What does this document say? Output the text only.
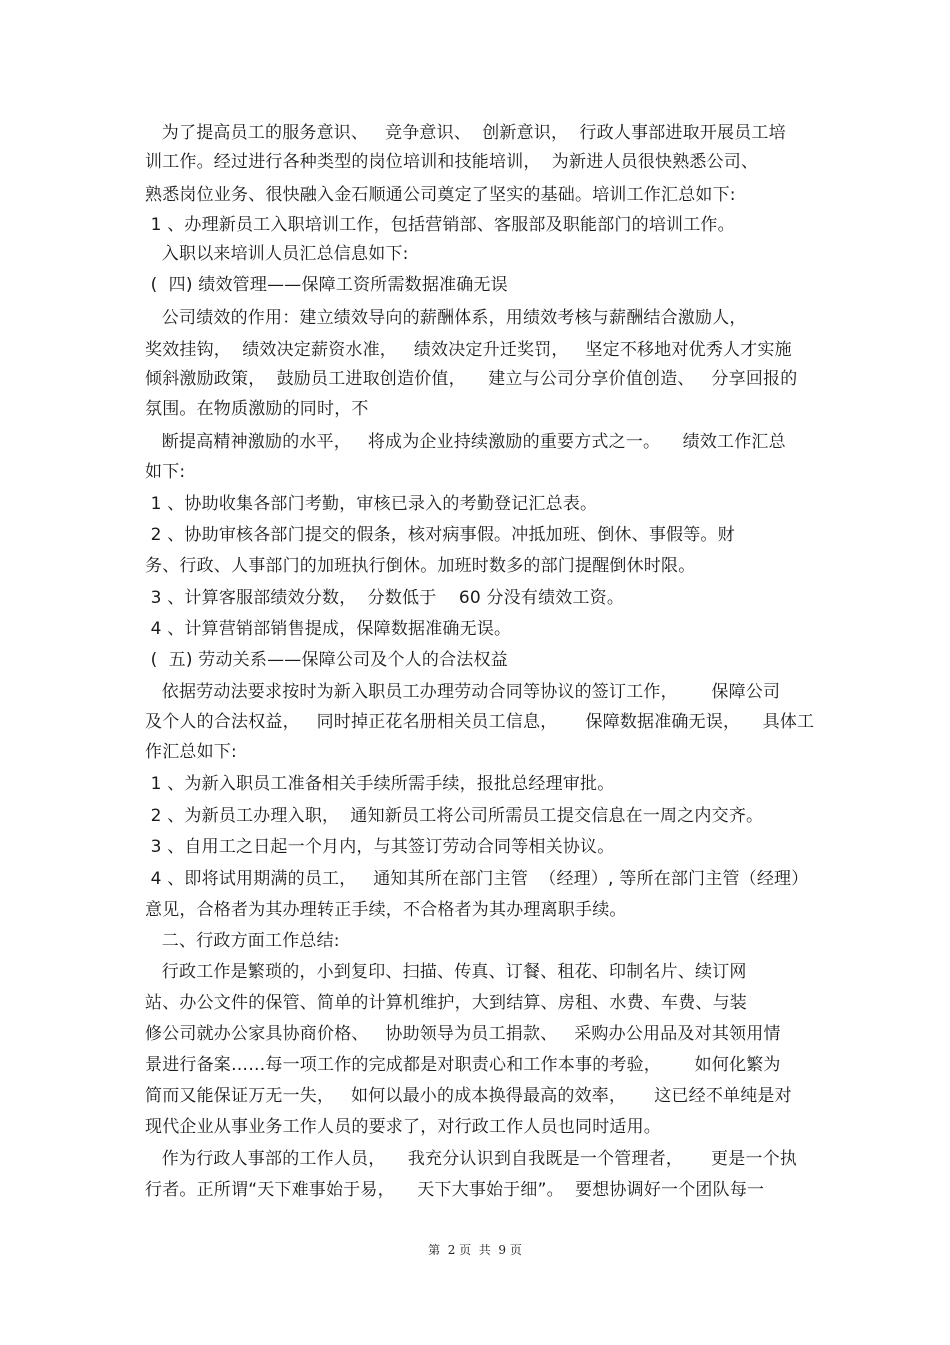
为了提高员工的服务意识、   竞争意识、  创新意识，  行政人事部进取开展员工培
训工作。经过进行各种类型的岗位培训和技能培训，  为新进人员很快熟悉公司、
熟悉岗位业务、很快融入金石顺通公司奠定了坚实的基础。培训工作汇总如下:
1 、办理新员工入职培训工作，包括营销部、客服部及职能部门的培训工作。
入职以来培训人员汇总信息如下:
(  四) 绩效管理——保障工资所需数据准确无误
公司绩效的作用：建立绩效导向的薪酬体系，用绩效考核与薪酬结合激励人，
奖效挂钩，  绩效决定薪资水准，   绩效决定升迁奖罚，   坚定不移地对优秀人才实施
倾斜激励政策，  鼓励员工进取创造价值，    建立与公司分享价值创造、   分享回报的
氛围。在物质激励的同时，不
断提高精神激励的水平，   将成为企业持续激励的重要方式之一。    绩效工作汇总
如下:
1 、协助收集各部门考勤，审核已录入的考勤登记汇总表。
2 、协助审核各部门提交的假条，核对病事假。冲抵加班、倒休、事假等。财
务、行政、人事部门的加班执行倒休。加班时数多的部门提醒倒休时限。
3 、计算客服部绩效分数，  分数低于    60 分没有绩效工资。
4 、计算营销部销售提成，保障数据准确无误。
(  五) 劳动关系——保障公司及个人的合法权益
依据劳动法要求按时为新入职员工办理劳动合同等协议的签订工作，      保障公司
及个人的合法权益，   同时掉正花名册相关员工信息，     保障数据准确无误，    具体工
作汇总如下:
1 、为新入职员工准备相关手续所需手续，报批总经理审批。
2 、为新员工办理入职，  通知新员工将公司所需员工提交信息在一周之内交齐。
3 、自用工之日起一个月内，与其签订劳动合同等相关协议。
4 、即将试用期满的员工，   通知其所在部门主管  （经理）, 等所在部门主管（经理）
意见，合格者为其办理转正手续，不合格者为其办理离职手续。
二、行政方面工作总结:
行政工作是繁琐的，小到复印、扫描、传真、订餐、租花、印制名片、续订网
站、办公文件的保管、简单的计算机维护，大到结算、房租、水费、车费、与装
修公司就办公家具协商价格、   协助领导为员工捐款、   采购办公用品及对其领用情
景进行备案……每一项工作的完成都是对职责心和工作本事的考验，      如何化繁为
简而又能保证万无一失，   如何以最小的成本换得最高的效率，     这已经不单纯是对
现代企业从事业务工作人员的要求了，对行政工作人员也同时适用。
作为行政人事部的工作人员，    我充分认识到自我既是一个管理者，     更是一个执
行者。正所谓“天下难事始于易，    天下大事始于细”。  要想协调好一个团队每一
第  2 页  共  9 页
